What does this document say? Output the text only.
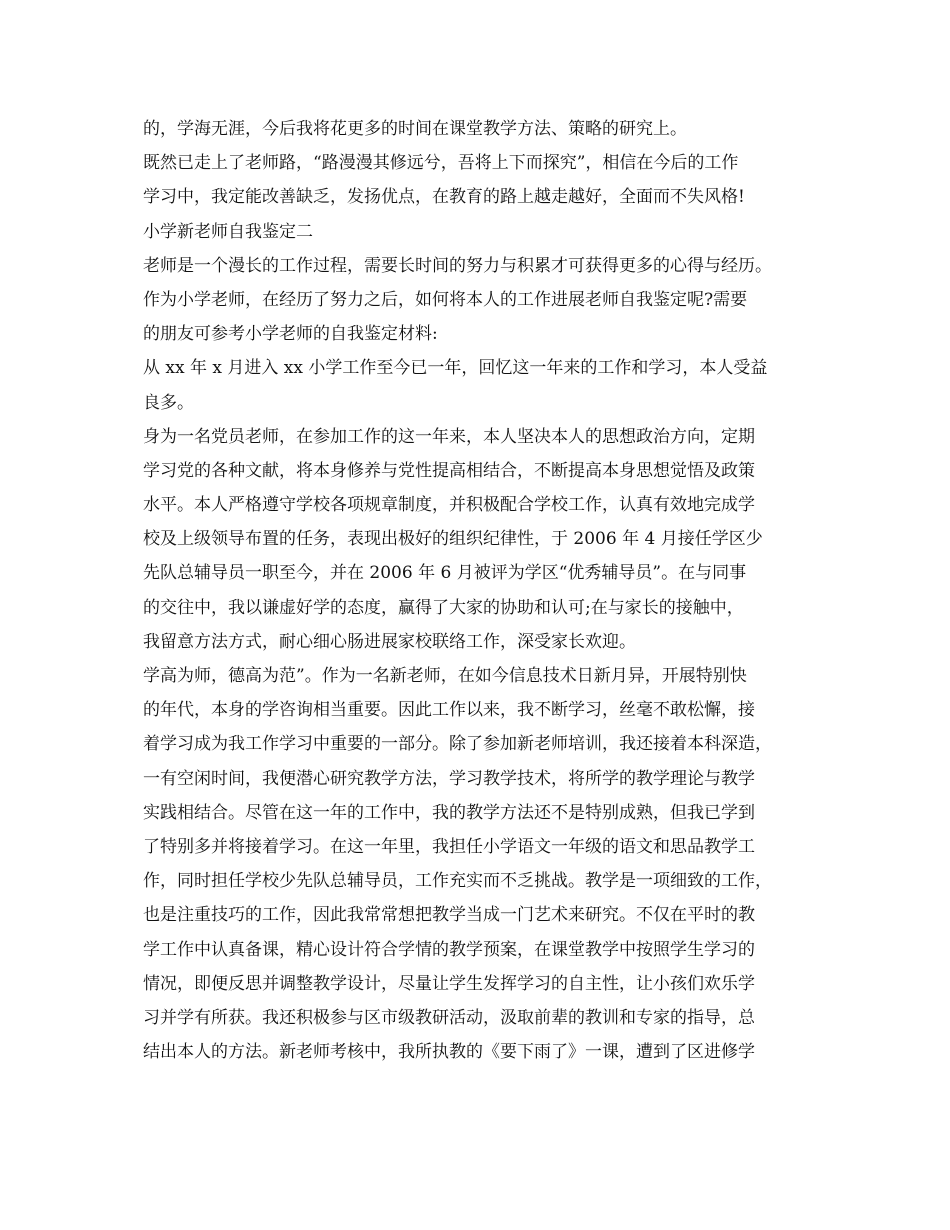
的，学海无涯，今后我将花更多的时间在课堂教学方法、策略的研究上。
既然已走上了老师路，“路漫漫其修远兮，吾将上下而探究”，相信在今后的工作
学习中，我定能改善缺乏，发扬优点，在教育的路上越走越好，全面而不失风格!
小学新老师自我鉴定二
老师是一个漫长的工作过程，需要长时间的努力与积累才可获得更多的心得与经历。
作为小学老师，在经历了努力之后，如何将本人的工作进展老师自我鉴定呢?需要
的朋友可参考小学老师的自我鉴定材料:
从 xx 年 x 月进入 xx 小学工作至今已一年，回忆这一年来的工作和学习，本人受益
良多。
身为一名党员老师，在参加工作的这一年来，本人坚决本人的思想政治方向，定期
学习党的各种文献，将本身修养与党性提高相结合，不断提高本身思想觉悟及政策
水平。本人严格遵守学校各项规章制度，并积极配合学校工作，认真有效地完成学
校及上级领导布置的任务，表现出极好的组织纪律性，于 2006 年 4 月接任学区少
先队总辅导员一职至今，并在 2006 年 6 月被评为学区“优秀辅导员”。在与同事
的交往中，我以谦虚好学的态度，赢得了大家的协助和认可;在与家长的接触中，
我留意方法方式，耐心细心肠进展家校联络工作，深受家长欢迎。
学高为师，德高为范”。作为一名新老师，在如今信息技术日新月异，开展特别快
的年代，本身的学咨询相当重要。因此工作以来，我不断学习，丝毫不敢松懈，接
着学习成为我工作学习中重要的一部分。除了参加新老师培训，我还接着本科深造，
一有空闲时间，我便潜心研究教学方法，学习教学技术，将所学的教学理论与教学
实践相结合。尽管在这一年的工作中，我的教学方法还不是特别成熟，但我已学到
了特别多并将接着学习。在这一年里，我担任小学语文一年级的语文和思品教学工
作，同时担任学校少先队总辅导员，工作充实而不乏挑战。教学是一项细致的工作，
也是注重技巧的工作，因此我常常想把教学当成一门艺术来研究。不仅在平时的教
学工作中认真备课，精心设计符合学情的教学预案，在课堂教学中按照学生学习的
情况，即便反思并调整教学设计，尽量让学生发挥学习的自主性，让小孩们欢乐学
习并学有所获。我还积极参与区市级教研活动，汲取前辈的教训和专家的指导，总
结出本人的方法。新老师考核中，我所执教的《要下雨了》一课，遭到了区进修学
